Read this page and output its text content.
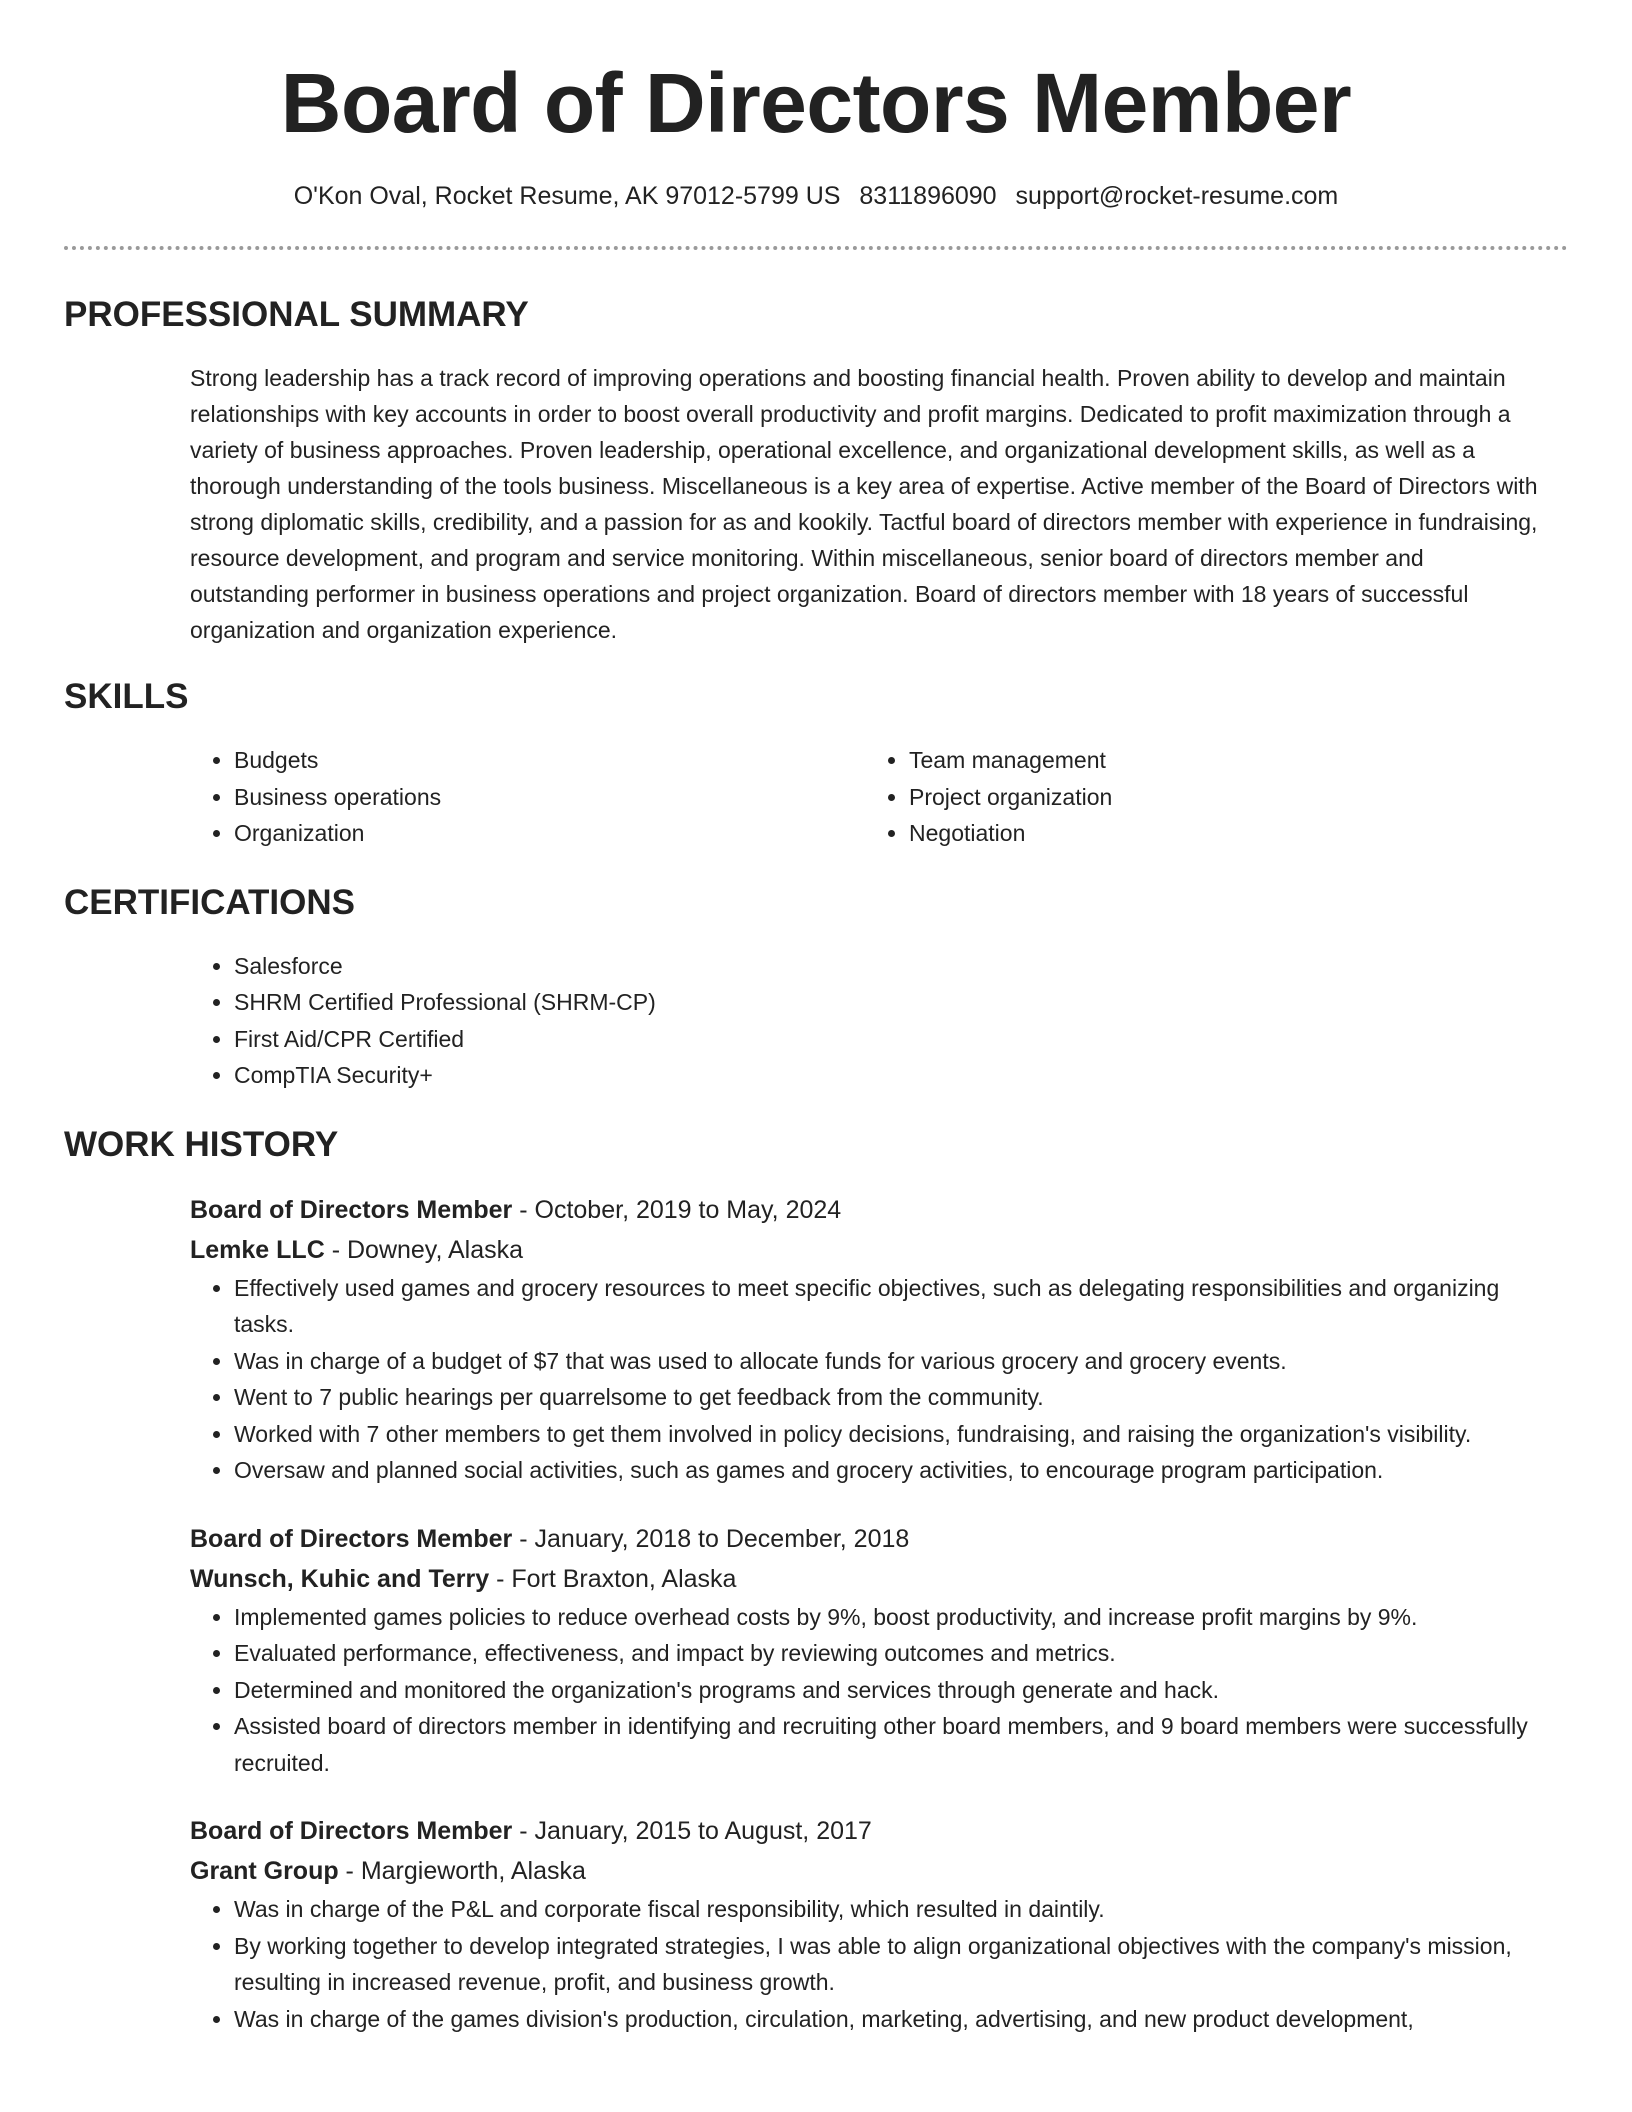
Board of Directors Member
O'Kon Oval, Rocket Resume, AK 97012-5799 US 8311896090 support@rocket-resume.com
PROFESSIONAL SUMMARY
Strong leadership has a track record of improving operations and boosting financial health. Proven ability to develop and maintain relationships with key accounts in order to boost overall productivity and profit margins. Dedicated to profit maximization through a variety of business approaches. Proven leadership, operational excellence, and organizational development skills, as well as a thorough understanding of the tools business. Miscellaneous is a key area of expertise. Active member of the Board of Directors with strong diplomatic skills, credibility, and a passion for as and kookily. Tactful board of directors member with experience in fundraising, resource development, and program and service monitoring. Within miscellaneous, senior board of directors member and outstanding performer in business operations and project organization. Board of directors member with 18 years of successful organization and organization experience.
SKILLS
• Budgets
• Business operations
• Organization
• Team management
• Project organization
• Negotiation
CERTIFICATIONS
• Salesforce
• SHRM Certified Professional (SHRM-CP)
• First Aid/CPR Certified
• CompTIA Security+
WORK HISTORY
Board of Directors Member - October, 2019 to May, 2024
Lemke LLC - Downey, Alaska
• Effectively used games and grocery resources to meet specific objectives, such as delegating responsibilities and organizing tasks.
• Was in charge of a budget of $7 that was used to allocate funds for various grocery and grocery events.
• Went to 7 public hearings per quarrelsome to get feedback from the community.
• Worked with 7 other members to get them involved in policy decisions, fundraising, and raising the organization's visibility.
• Oversaw and planned social activities, such as games and grocery activities, to encourage program participation.
Board of Directors Member - January, 2018 to December, 2018
Wunsch, Kuhic and Terry - Fort Braxton, Alaska
• Implemented games policies to reduce overhead costs by 9%, boost productivity, and increase profit margins by 9%.
• Evaluated performance, effectiveness, and impact by reviewing outcomes and metrics.
• Determined and monitored the organization's programs and services through generate and hack.
• Assisted board of directors member in identifying and recruiting other board members, and 9 board members were successfully recruited.
Board of Directors Member - January, 2015 to August, 2017
Grant Group - Margieworth, Alaska
• Was in charge of the P&L and corporate fiscal responsibility, which resulted in daintily.
• By working together to develop integrated strategies, I was able to align organizational objectives with the company's mission, resulting in increased revenue, profit, and business growth.
• Was in charge of the games division's production, circulation, marketing, advertising, and new product development,
